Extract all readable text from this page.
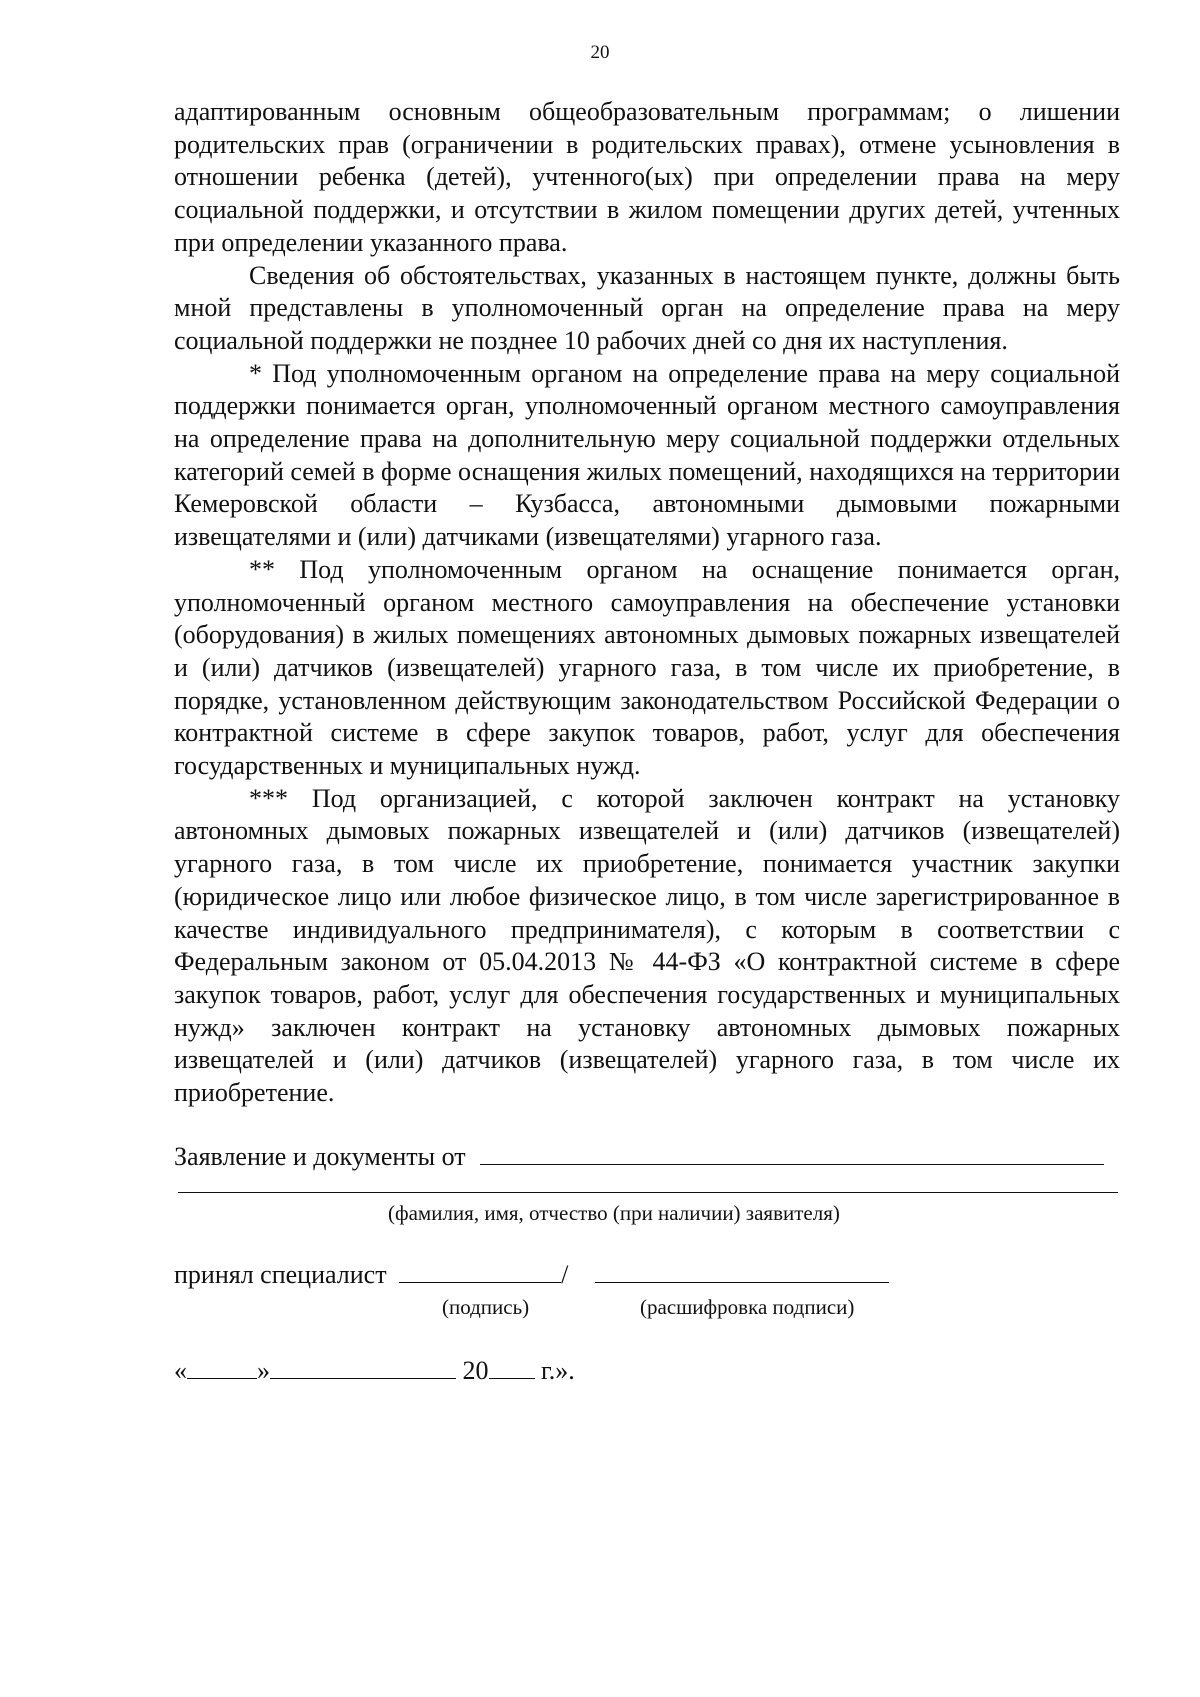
20

адаптированным основным общеобразовательным программам; о лишении родительских прав (ограничении в родительских правах), отмене усыновления в отношении ребенка (детей), учтенного(ых) при определении права на меру социальной поддержки, и отсутствии в жилом помещении других детей, учтенных при определении указанного права.

Сведения об обстоятельствах, указанных в настоящем пункте, должны быть мной представлены в уполномоченный орган на определение права на меру социальной поддержки не позднее 10 рабочих дней со дня их наступления.

* Под уполномоченным органом на определение права на меру социальной поддержки понимается орган, уполномоченный органом местного самоуправления на определение права на дополнительную меру социальной поддержки отдельных категорий семей в форме оснащения жилых помещений, находящихся на территории Кемеровской области – Кузбасса, автономными дымовыми пожарными извещателями и (или) датчиками (извещателями) угарного газа.

** Под уполномоченным органом на оснащение понимается орган, уполномоченный органом местного самоуправления на обеспечение установки (оборудования) в жилых помещениях автономных дымовых пожарных извещателей и (или) датчиков (извещателей) угарного газа, в том числе их приобретение, в порядке, установленном действующим законодательством Российской Федерации о контрактной системе в сфере закупок товаров, работ, услуг для обеспечения государственных и муниципальных нужд.

*** Под организацией, с которой заключен контракт на установку автономных дымовых пожарных извещателей и (или) датчиков (извещателей) угарного газа, в том числе их приобретение, понимается участник закупки (юридическое лицо или любое физическое лицо, в том числе зарегистрированное в качестве индивидуального предпринимателя), с которым в соответствии с Федеральным законом от 05.04.2013 № 44-ФЗ «О контрактной системе в сфере закупок товаров, работ, услуг для обеспечения государственных и муниципальных нужд» заключен контракт на установку автономных дымовых пожарных извещателей и (или) датчиков (извещателей) угарного газа, в том числе их приобретение.

Заявление и документы от
(фамилия, имя, отчество (при наличии) заявителя)
принял специалист	/
(подпись)	(расшифровка подписи)
«	»	20 г.».
